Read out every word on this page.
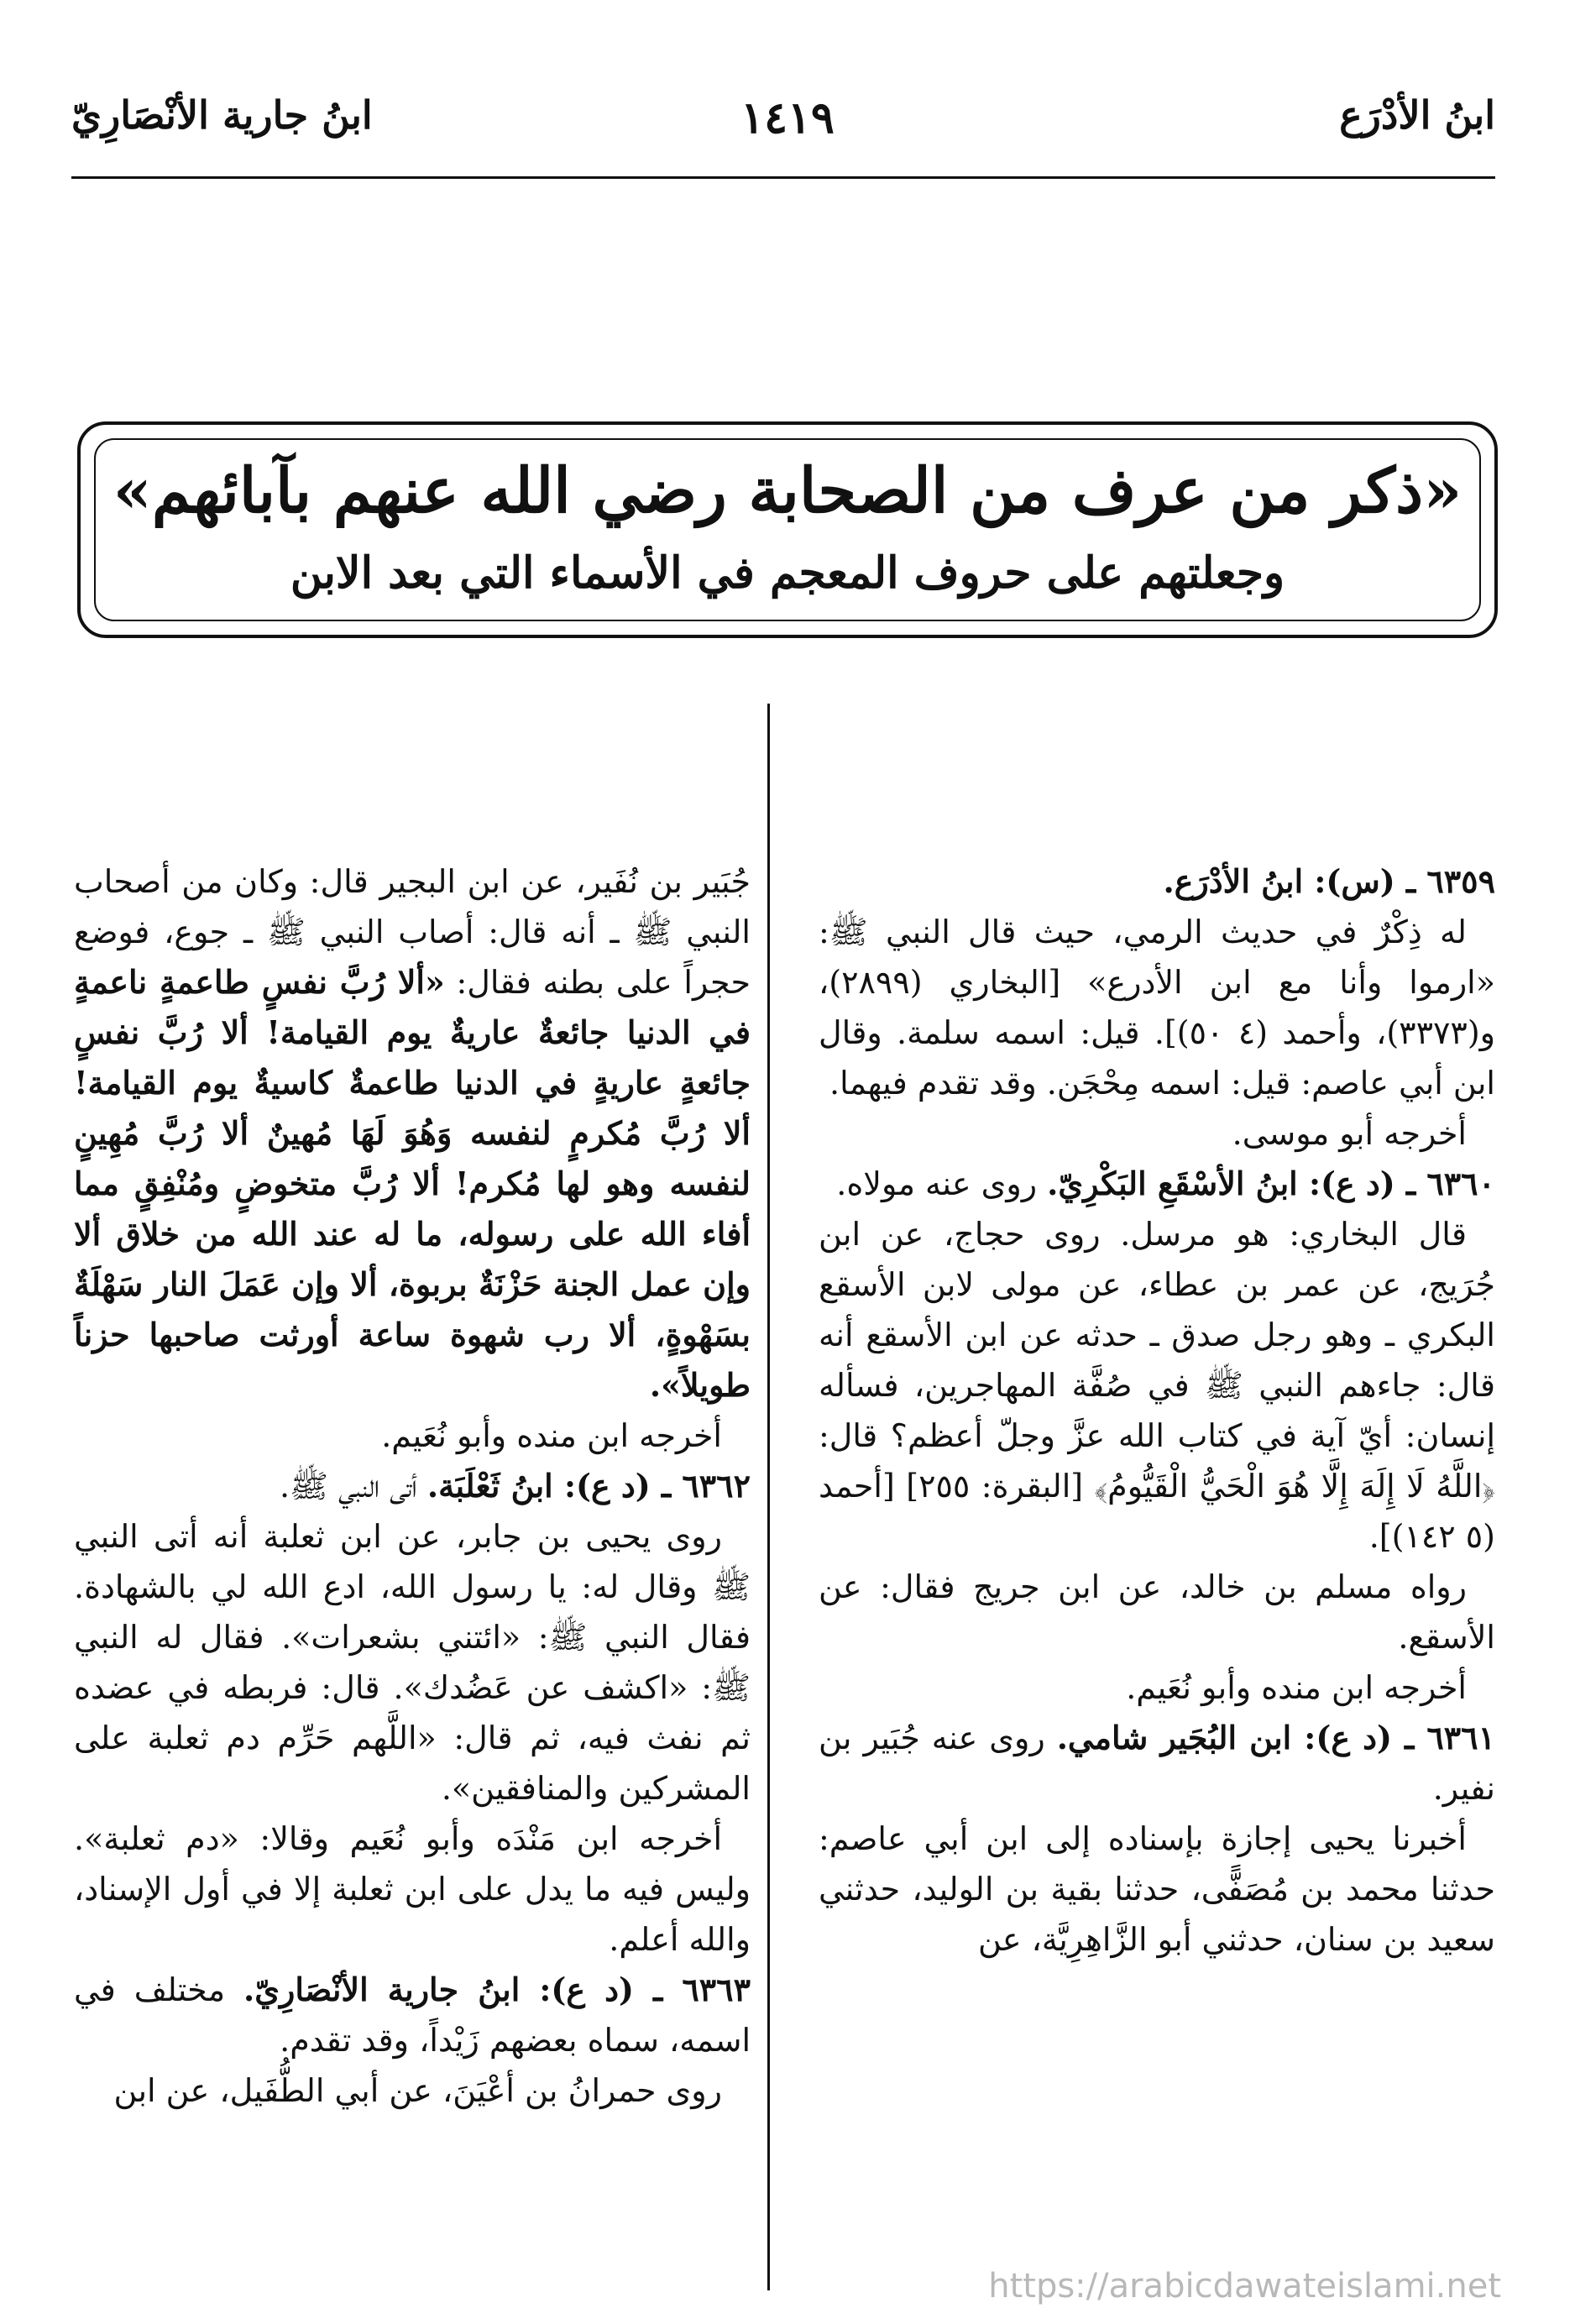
ابنُ الأدْرَع
١٤١٩
ابنُ جارية الأنْصَارِيّ
«ذكر من عرف من الصحابة رضي الله عنهم بآبائهم»
وجعلتهم على حروف المعجم في الأسماء التي بعد الابن

٦٣٥٩ ـ (س): ابنُ الأدْرَع.

له ذِكْرٌ في حديث الرمي، حيث قال النبي ﷺ: «ارموا وأنا مع ابن الأدرع» [البخاري (٢٨٩٩)، و(٣٣٧٣)، وأحمد (٤ ٥٠)]. قيل: اسمه سلمة. وقال ابن أبي عاصم: قيل: اسمه مِحْجَن. وقد تقدم فيهما.

أخرجه أبو موسى.

٦٣٦٠ ـ (د ع): ابنُ الأسْقَعِ البَكْرِيّ. روى عنه مولاه.

قال البخاري: هو مرسل. روى حجاج، عن ابن جُرَيج، عن عمر بن عطاء، عن مولى لابن الأسقع البكري ـ وهو رجل صدق ـ حدثه عن ابن الأسقع أنه قال: جاءهم النبي ﷺ في صُفَّة المهاجرين، فسأله إنسان: أيّ آية في كتاب الله عزَّ وجلّ أعظم؟ قال: ﴿اللَّهُ لَا إِلَهَ إِلَّا هُوَ الْحَيُّ الْقَيُّومُ﴾ [البقرة: ٢٥٥] [أحمد (٥ ١٤٢)].

رواه مسلم بن خالد، عن ابن جريج فقال: عن الأسقع.

أخرجه ابن منده وأبو نُعَيم.

٦٣٦١ ـ (د ع): ابن البُجَير شامي. روى عنه جُبَير بن نفير.

أخبرنا يحيى إجازة بإسناده إلى ابن أبي عاصم: حدثنا محمد بن مُصَفًّى، حدثنا بقية بن الوليد، حدثني سعيد بن سنان، حدثني أبو الزَّاهِرِيَّة، عن

جُبَير بن نُفَير، عن ابن البجير قال: وكان من أصحاب النبي ﷺ ـ أنه قال: أصاب النبي ﷺ ـ جوع، فوضع حجراً على بطنه فقال: «ألا رُبَّ نفسٍ طاعمةٍ ناعمةٍ في الدنيا جائعةٌ عاريةٌ يوم القيامة! ألا رُبَّ نفسٍ جائعةٍ عاريةٍ في الدنيا طاعمةٌ كاسيةٌ يوم القيامة! ألا رُبَّ مُكرمٍ لنفسه وَهُوَ لَهَا مُهينٌ ألا رُبَّ مُهِينٍ لنفسه وهو لها مُكرم! ألا رُبَّ متخوضٍ ومُنْفِقٍ مما أفاء الله على رسوله، ما له عند الله من خلاق ألا وإن عمل الجنة حَزْنَةٌ بربوة، ألا وإن عَمَلَ النار سَهْلَةٌ بسَهْوةٍ، ألا رب شهوة ساعة أورثت صاحبها حزناً طويلاً».

أخرجه ابن منده وأبو نُعَيم.

٦٣٦٢ ـ (د ع): ابنُ ثَعْلَبَة. أتى النبي ﷺ.

روى يحيى بن جابر، عن ابن ثعلبة أنه أتى النبي ﷺ وقال له: يا رسول الله، ادع الله لي بالشهادة. فقال النبي ﷺ: «ائتني بشعرات». فقال له النبي ﷺ: «اكشف عن عَضُدك». قال: فربطه في عضده ثم نفث فيه، ثم قال: «اللَّهم حَرِّم دم ثعلبة على المشركين والمنافقين».

أخرجه ابن مَنْدَه وأبو نُعَيم وقالا: «دم ثعلبة». وليس فيه ما يدل على ابن ثعلبة إلا في أول الإسناد، والله أعلم.

٦٣٦٣ ـ (د ع): ابنُ جارية الأنْصَارِيّ. مختلف في اسمه، سماه بعضهم زَيْداً، وقد تقدم.

روى حمرانُ بن أعْيَنَ، عن أبي الطُّفَيل، عن ابن

https://arabicdawateislami.net
